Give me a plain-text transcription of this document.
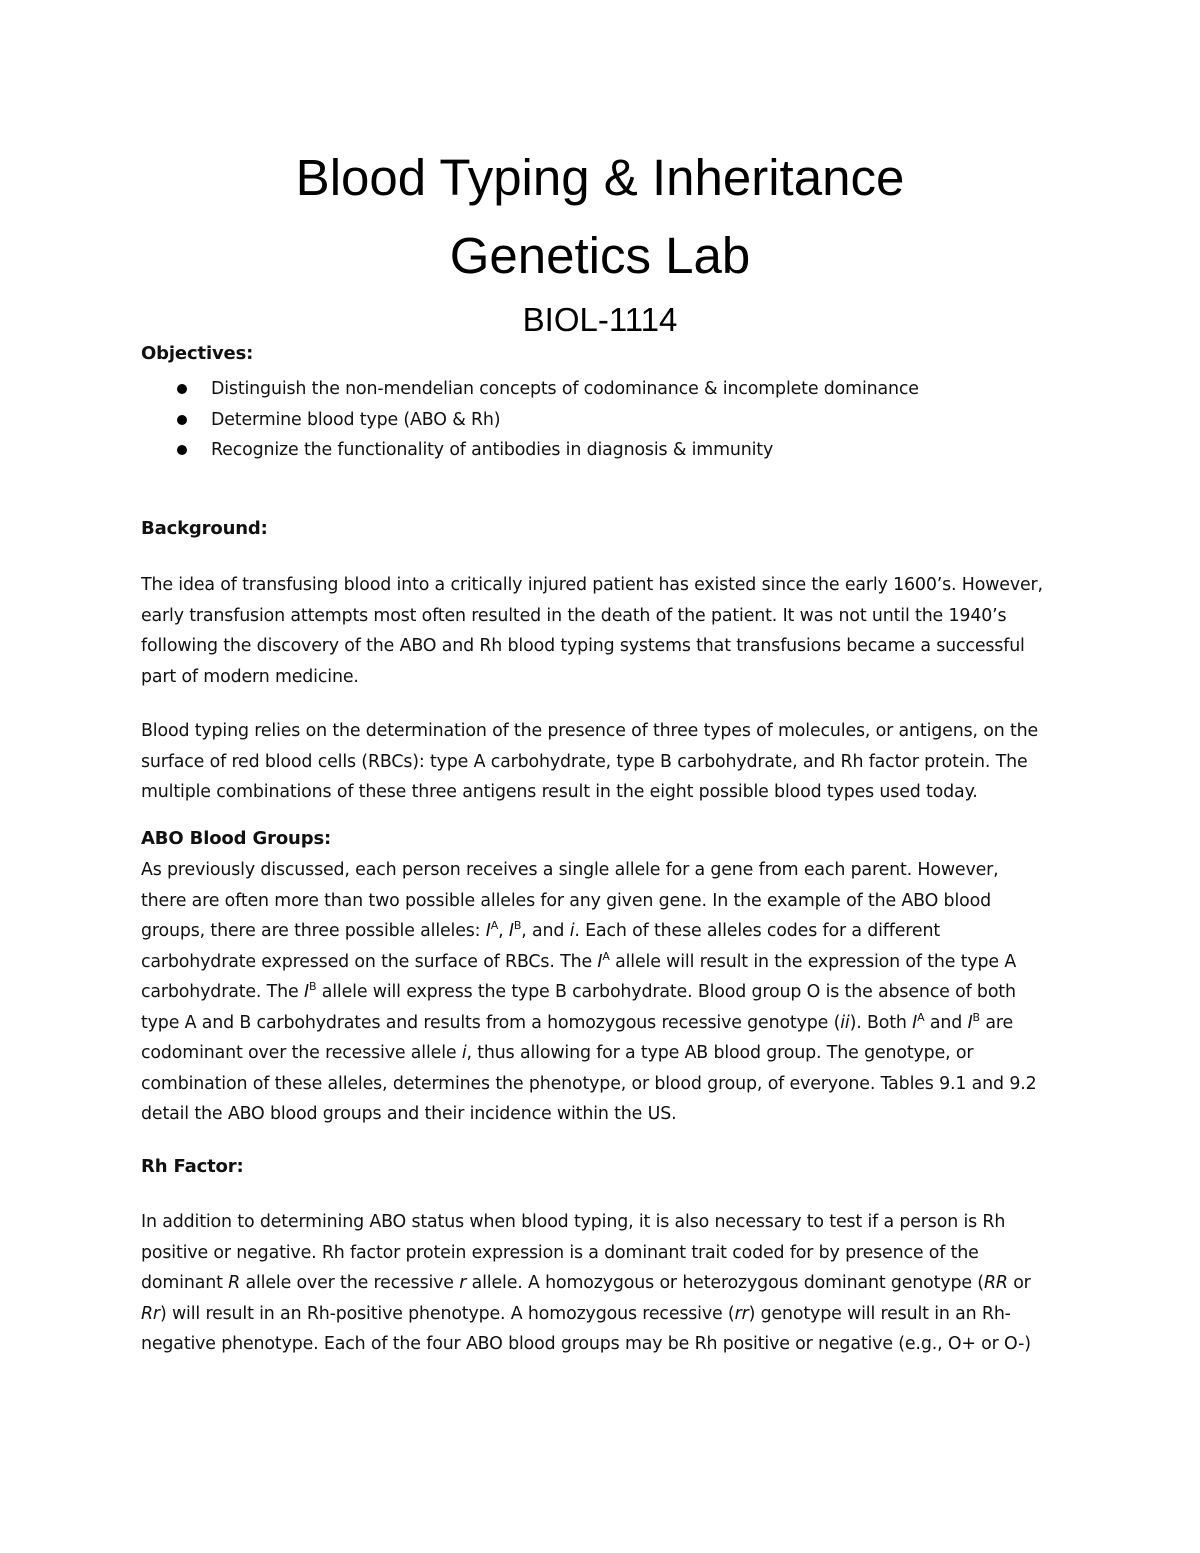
Blood Typing & Inheritance
Genetics Lab
BIOL-1114
Objectives:
Distinguish the non-mendelian concepts of codominance & incomplete dominance
Determine blood type (ABO & Rh)
Recognize the functionality of antibodies in diagnosis & immunity
Background:
The idea of transfusing blood into a critically injured patient has existed since the early 1600’s. However,
early transfusion attempts most often resulted in the death of the patient. It was not until the 1940’s
following the discovery of the ABO and Rh blood typing systems that transfusions became a successful
part of modern medicine.
Blood typing relies on the determination of the presence of three types of molecules, or antigens, on the
surface of red blood cells (RBCs): type A carbohydrate, type B carbohydrate, and Rh factor protein. The
multiple combinations of these three antigens result in the eight possible blood types used today.
ABO Blood Groups:
As previously discussed, each person receives a single allele for a gene from each parent. However,
there are often more than two possible alleles for any given gene. In the example of the ABO blood
groups, there are three possible alleles: $I^A$, $I^B$, and i. Each of these alleles codes for a different
carbohydrate expressed on the surface of RBCs. The $I^A$ allele will result in the expression of the type A
carbohydrate. The $I^B$ allele will express the type B carbohydrate. Blood group O is the absence of both
type A and B carbohydrates and results from a homozygous recessive genotype (ii). Both $I^A$ and $I^B$ are
codominant over the recessive allele i, thus allowing for a type AB blood group. The genotype, or
combination of these alleles, determines the phenotype, or blood group, of everyone. Tables 9.1 and 9.2
detail the ABO blood groups and their incidence within the US.
Rh Factor:
In addition to determining ABO status when blood typing, it is also necessary to test if a person is Rh
positive or negative. Rh factor protein expression is a dominant trait coded for by presence of the
dominant R allele over the recessive r allele. A homozygous or heterozygous dominant genotype (RR or
Rr) will result in an Rh-positive phenotype. A homozygous recessive (rr) genotype will result in an Rh-
negative phenotype. Each of the four ABO blood groups may be Rh positive or negative (e.g., O+ or O-)
